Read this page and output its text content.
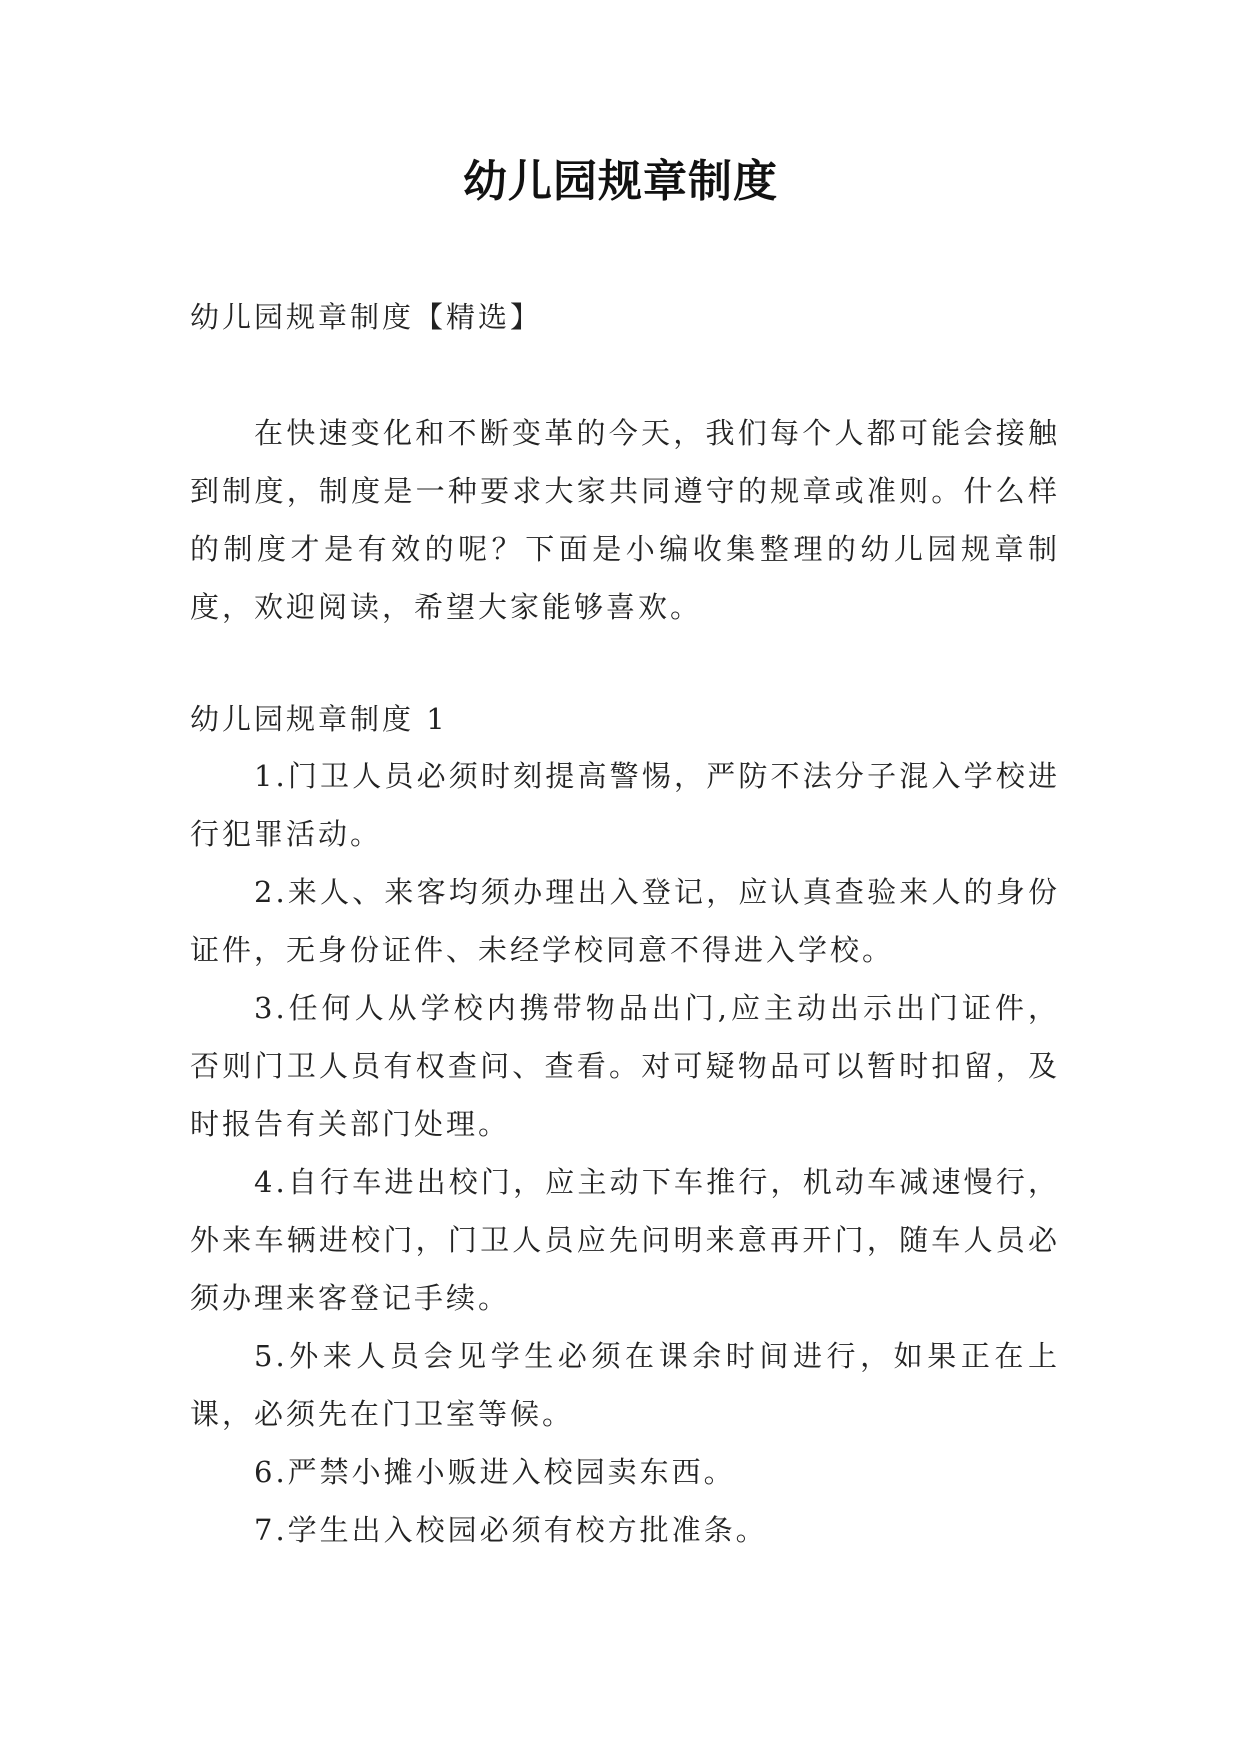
幼儿园规章制度

幼儿园规章制度【精选】

在快速变化和不断变革的今天，我们每个人都可能会接触到制度，制度是一种要求大家共同遵守的规章或准则。什么样的制度才是有效的呢？下面是小编收集整理的幼儿园规章制度，欢迎阅读，希望大家能够喜欢。

幼儿园规章制度 1

1.门卫人员必须时刻提高警惕，严防不法分子混入学校进行犯罪活动。

2.来人、来客均须办理出入登记，应认真查验来人的身份证件，无身份证件、未经学校同意不得进入学校。

3.任何人从学校内携带物品出门,应主动出示出门证件，否则门卫人员有权查问、查看。对可疑物品可以暂时扣留，及时报告有关部门处理。

4.自行车进出校门，应主动下车推行，机动车减速慢行，外来车辆进校门，门卫人员应先问明来意再开门，随车人员必须办理来客登记手续。

5.外来人员会见学生必须在课余时间进行，如果正在上课，必须先在门卫室等候。

6.严禁小摊小贩进入校园卖东西。

7.学生出入校园必须有校方批准条。
